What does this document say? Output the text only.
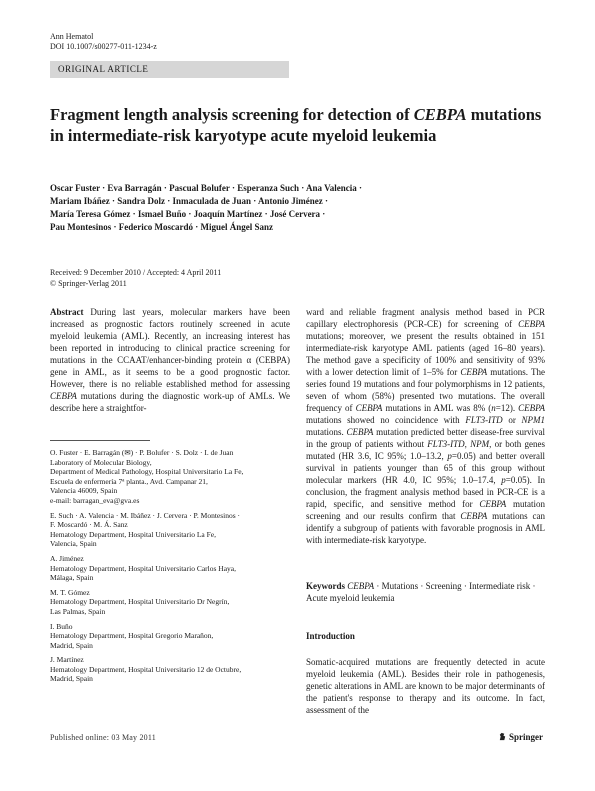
Ann Hematol
DOI 10.1007/s00277-011-1234-z
ORIGINAL ARTICLE
Fragment length analysis screening for detection of CEBPA mutations in intermediate-risk karyotype acute myeloid leukemia
Oscar Fuster · Eva Barragán · Pascual Bolufer · Esperanza Such · Ana Valencia ·
Mariam Ibáñez · Sandra Dolz · Inmaculada de Juan · Antonio Jiménez ·
María Teresa Gómez · Ismael Buño · Joaquín Martínez · José Cervera ·
Pau Montesinos · Federico Moscardó · Miguel Ángel Sanz
Received: 9 December 2010 / Accepted: 4 April 2011
© Springer-Verlag 2011
Abstract During last years, molecular markers have been increased as prognostic factors routinely screened in acute myeloid leukemia (AML). Recently, an increasing interest has been reported in introducing to clinical practice screening for mutations in the CCAAT/enhancer-binding protein α (CEBPA) gene in AML, as it seems to be a good prognostic factor. However, there is no reliable established method for assessing CEBPA mutations during the diagnostic work-up of AMLs. We describe here a straightfor-

O. Fuster · E. Barragán (✉) · P. Bolufer · S. Dolz · I. de Juan
Laboratory of Molecular Biology,
Department of Medical Pathology, Hospital Universitario La Fe,
Escuela de enfermería 7ª planta., Avd. Campanar 21,
Valencia 46009, Spain
e-mail: barragan_eva@gva.es

E. Such · A. Valencia · M. Ibáñez · J. Cervera · P. Montesinos ·
F. Moscardó · M. Á. Sanz
Hematology Department, Hospital Universitario La Fe,
Valencia, Spain

A. Jiménez
Hematology Department, Hospital Universitario Carlos Haya,
Málaga, Spain

M. T. Gómez
Hematology Department, Hospital Universitario Dr Negrín,
Las Palmas, Spain

I. Buño
Hematology Department, Hospital Gregorio Marañon,
Madrid, Spain

J. Martínez
Hematology Department, Hospital Universitario 12 de Octubre,
Madrid, Spain

ward and reliable fragment analysis method based in PCR capillary electrophoresis (PCR-CE) for screening of CEBPA mutations; moreover, we present the results obtained in 151 intermediate-risk karyotype AML patients (aged 16–80 years). The method gave a specificity of 100% and sensitivity of 93% with a lower detection limit of 1–5% for CEBPA mutations. The series found 19 mutations and four polymorphisms in 12 patients, seven of whom (58%) presented two mutations. The overall frequency of CEBPA mutations in AML was 8% (n=12). CEBPA mutations showed no coincidence with FLT3-ITD or NPM1 mutations. CEBPA mutation predicted better disease-free survival in the group of patients without FLT3-ITD, NPM, or both genes mutated (HR 3.6, IC 95%; 1.0–13.2, p=0.05) and better overall survival in patients younger than 65 of this group without molecular markers (HR 4.0, IC 95%; 1.0–17.4, p=0.05). In conclusion, the fragment analysis method based in PCR-CE is a rapid, specific, and sensitive method for CEBPA mutation screening and our results confirm that CEBPA mutations can identify a subgroup of patients with favorable prognosis in AML with intermediate-risk karyotype.
Keywords CEBPA · Mutations · Screening · Intermediate risk · Acute myeloid leukemia
Introduction
Somatic-acquired mutations are frequently detected in acute myeloid leukemia (AML). Besides their role in pathogenesis, genetic alterations in AML are known to be major determinants of the patient's response to therapy and its outcome. In fact, assessment of the
Published online: 03 May 2011	Springer
